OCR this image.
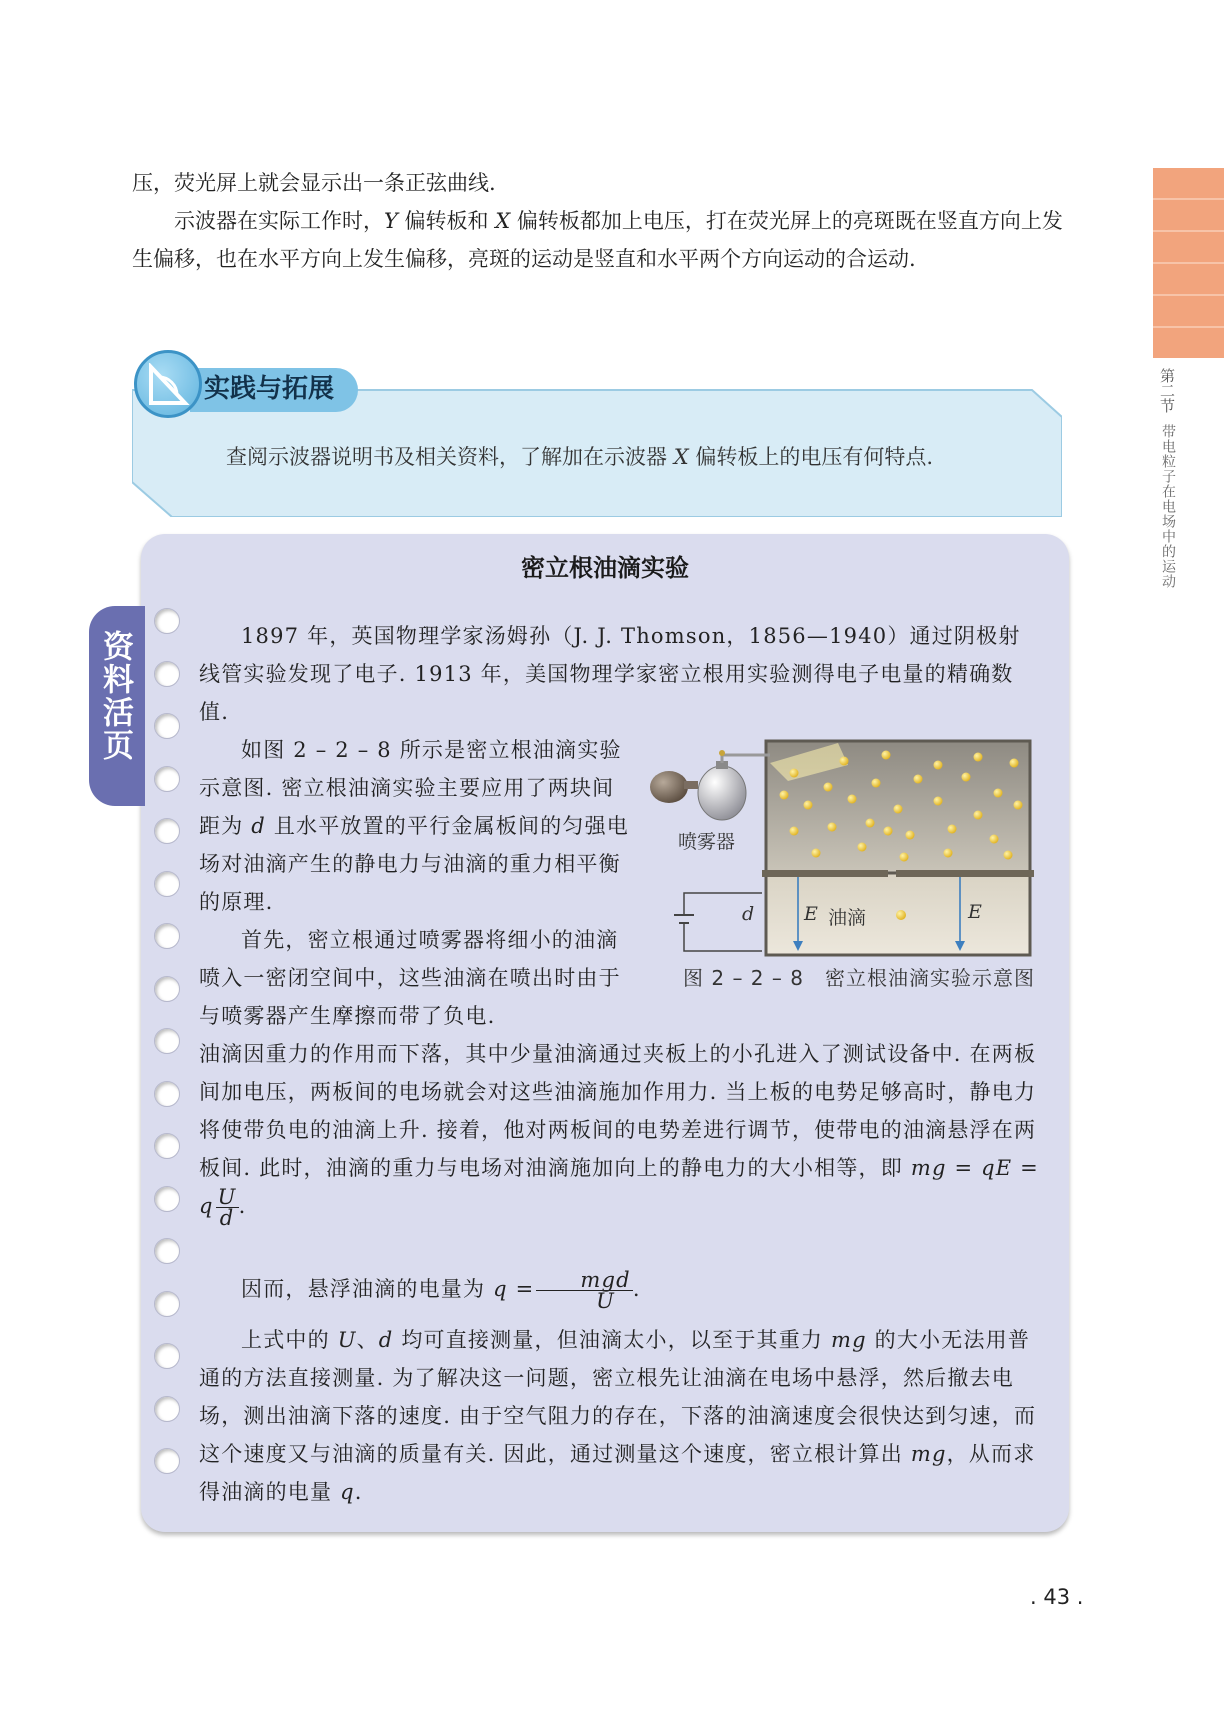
压，荧光屏上就会显示出一条正弦曲线.

示波器在实际工作时，Y 偏转板和 X 偏转板都加上电压，打在荧光屏上的亮斑既在竖直方向上发生偏移，也在水平方向上发生偏移，亮斑的运动是竖直和水平两个方向运动的合运动.

第二节
带电粒子在电场中的运动
实践与拓展
查阅示波器说明书及相关资料，了解加在示波器 X 偏转板上的电压有何特点.
资料活页
密立根油滴实验

1897 年，英国物理学家汤姆孙（J. J. Thomson，1856—1940）通过阴极射线管实验发现了电子. 1913 年，美国物理学家密立根用实验测得电子电量的精确数值.

如图 2 – 2 – 8 所示是密立根油滴实验示意图. 密立根油滴实验主要应用了两块间距为 d 且水平放置的平行金属板间的匀强电场对油滴产生的静电力与油滴的重力相平衡的原理.

首先，密立根通过喷雾器将细小的油滴喷入一密闭空间中，这些油滴在喷出时由于与喷雾器产生摩擦而带了负电.

油滴因重力的作用而下落，其中少量油滴通过夹板上的小孔进入了测试设备中. 在两板间加电压，两板间的电场就会对这些油滴施加作用力. 当上板的电势足够高时，静电力将使带负电的油滴上升. 接着，他对两板间的电势差进行调节，使带电的油滴悬浮在两板间. 此时，油滴的重力与电场对油滴施加向上的静电力的大小相等，即 mg = qE = q $\frac{U}{d}$ .

因而，悬浮油滴的电量为 $q = \frac{\text{mgd}}{U}$ .

上式中的 U、d 均可直接测量，但油滴太小，以至于其重力 mg 的大小无法用普通的方法直接测量. 为了解决这一问题，密立根先让油滴在电场中悬浮，然后撤去电场，测出油滴下落的速度. 由于空气阻力的存在，下落的油滴速度会很快达到匀速，而这个速度又与油滴的质量有关. 因此，通过测量这个速度，密立根计算出 mg，从而求得油滴的电量 q.

喷雾器
d	E 油滴	E
图 2 – 2 – 8　密立根油滴实验示意图
. 43 .
